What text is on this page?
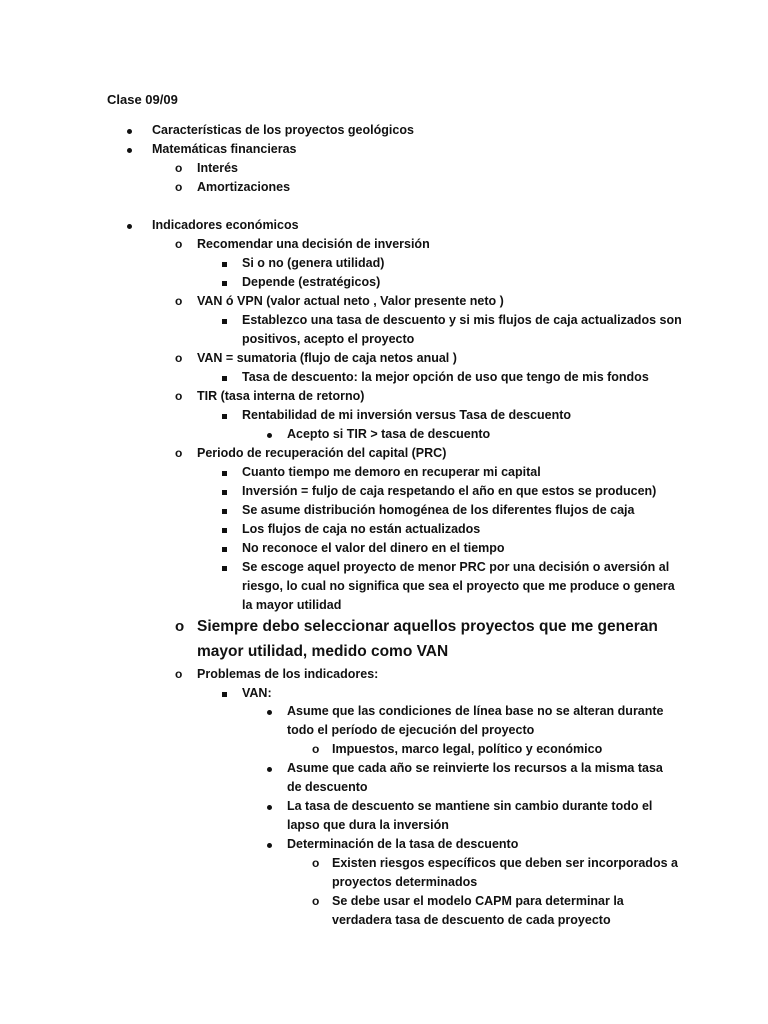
Clase 09/09
Características de los proyectos geológicos
Matemáticas financieras
o Interés
o Amortizaciones
Indicadores económicos
o Recomendar una decisión de inversión
Si o no (genera utilidad)
Depende (estratégicos)
o VAN ó VPN (valor actual neto , Valor presente neto )
Establezco una tasa de descuento y si mis flujos de caja actualizados son
positivos, acepto el proyecto
o VAN = sumatoria (flujo de caja netos anual )
Tasa de descuento: la mejor opción de uso que tengo de mis fondos
o TIR (tasa interna de retorno)
Rentabilidad de mi inversión versus Tasa de descuento
Acepto si TIR > tasa de descuento
o Periodo de recuperación del capital (PRC)
Cuanto tiempo me demoro en recuperar mi capital
Inversión = fuljo de caja respetando el año en que estos se producen)
Se asume distribución homogénea de los diferentes flujos de caja
Los flujos de caja no están actualizados
No reconoce el valor del dinero en el tiempo
Se escoge aquel proyecto de menor PRC por una decisión o aversión al
riesgo, lo cual no significa que sea el proyecto que me produce o genera
la mayor utilidad
o Siempre debo seleccionar aquellos proyectos que me generan
mayor utilidad, medido como VAN
o Problemas de los indicadores:
VAN:
Asume que las condiciones de línea base no se alteran durante
todo el período de ejecución del proyecto
o Impuestos, marco legal, político y económico
Asume que cada año se reinvierte los recursos a la misma tasa
de descuento
La tasa de descuento se mantiene sin cambio durante todo el
lapso que dura la inversión
Determinación de la tasa de descuento
o Existen riesgos específicos que deben ser incorporados a
proyectos determinados
o Se debe usar el modelo CAPM para determinar la
verdadera tasa de descuento de cada proyecto
